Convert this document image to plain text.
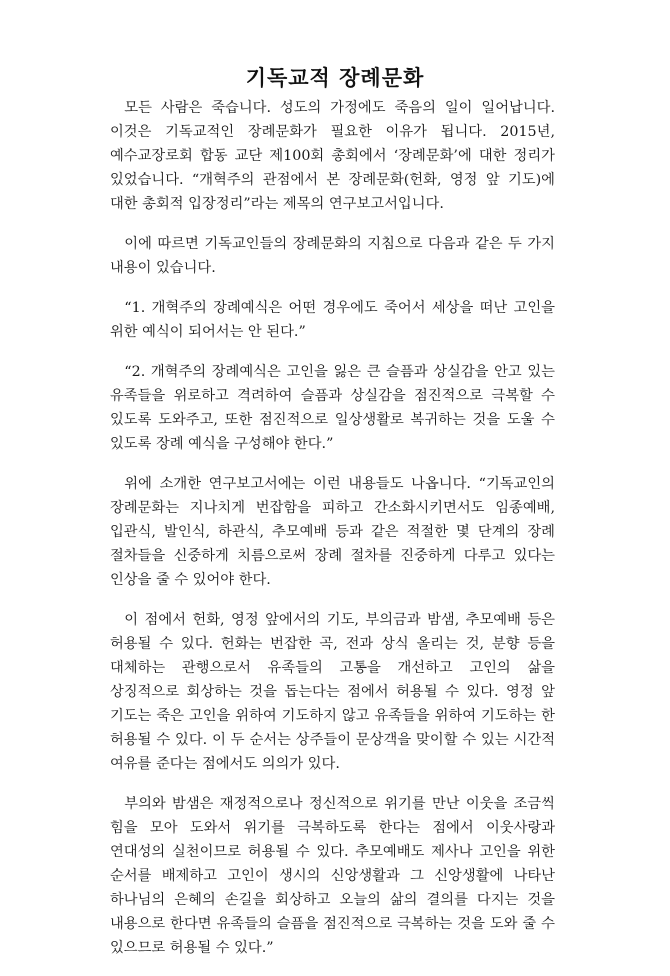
기독교적 장례문화

모든 사람은 죽습니다. 성도의 가정에도 죽음의 일이 일어납니다. 이것은 기독교적인 장례문화가 필요한 이유가 됩니다. 2015년, 예수교장로회 합동 교단 제100회 총회에서 ‘장례문화’에 대한 정리가 있었습니다. “개혁주의 관점에서 본 장례문화(헌화, 영정 앞 기도)에 대한 총회적 입장정리”라는 제목의 연구보고서입니다.

이에 따르면 기독교인들의 장례문화의 지침으로 다음과 같은 두 가지 내용이 있습니다.

“1. 개혁주의 장례예식은 어떤 경우에도 죽어서 세상을 떠난 고인을 위한 예식이 되어서는 안 된다.”

“2. 개혁주의 장례예식은 고인을 잃은 큰 슬픔과 상실감을 안고 있는 유족들을 위로하고 격려하여 슬픔과 상실감을 점진적으로 극복할 수 있도록 도와주고, 또한 점진적으로 일상생활로 복귀하는 것을 도울 수 있도록 장례 예식을 구성해야 한다.”

위에 소개한 연구보고서에는 이런 내용들도 나옵니다. “기독교인의 장례문화는 지나치게 번잡함을 피하고 간소화시키면서도 임종예배, 입관식, 발인식, 하관식, 추모예배 등과 같은 적절한 몇 단계의 장례 절차들을 신중하게 치름으로써 장례 절차를 진중하게 다루고 있다는 인상을 줄 수 있어야 한다.

이 점에서 헌화, 영정 앞에서의 기도, 부의금과 밤샘, 추모예배 등은 허용될 수 있다. 헌화는 번잡한 곡, 전과 상식 올리는 것, 분향 등을 대체하는 관행으로서 유족들의 고통을 개선하고 고인의 삶을 상징적으로 회상하는 것을 돕는다는 점에서 허용될 수 있다. 영정 앞 기도는 죽은 고인을 위하여 기도하지 않고 유족들을 위하여 기도하는 한 허용될 수 있다. 이 두 순서는 상주들이 문상객을 맞이할 수 있는 시간적 여유를 준다는 점에서도 의의가 있다.

부의와 밤샘은 재정적으로나 정신적으로 위기를 만난 이웃을 조금씩 힘을 모아 도와서 위기를 극복하도록 한다는 점에서 이웃사랑과 연대성의 실천이므로 허용될 수 있다. 추모예배도 제사나 고인을 위한 순서를 배제하고 고인이 생시의 신앙생활과 그 신앙생활에 나타난 하나님의 은혜의 손길을 회상하고 오늘의 삶의 결의를 다지는 것을 내용으로 한다면 유족들의 슬픔을 점진적으로 극복하는 것을 도와 줄 수 있으므로 허용될 수 있다.”
